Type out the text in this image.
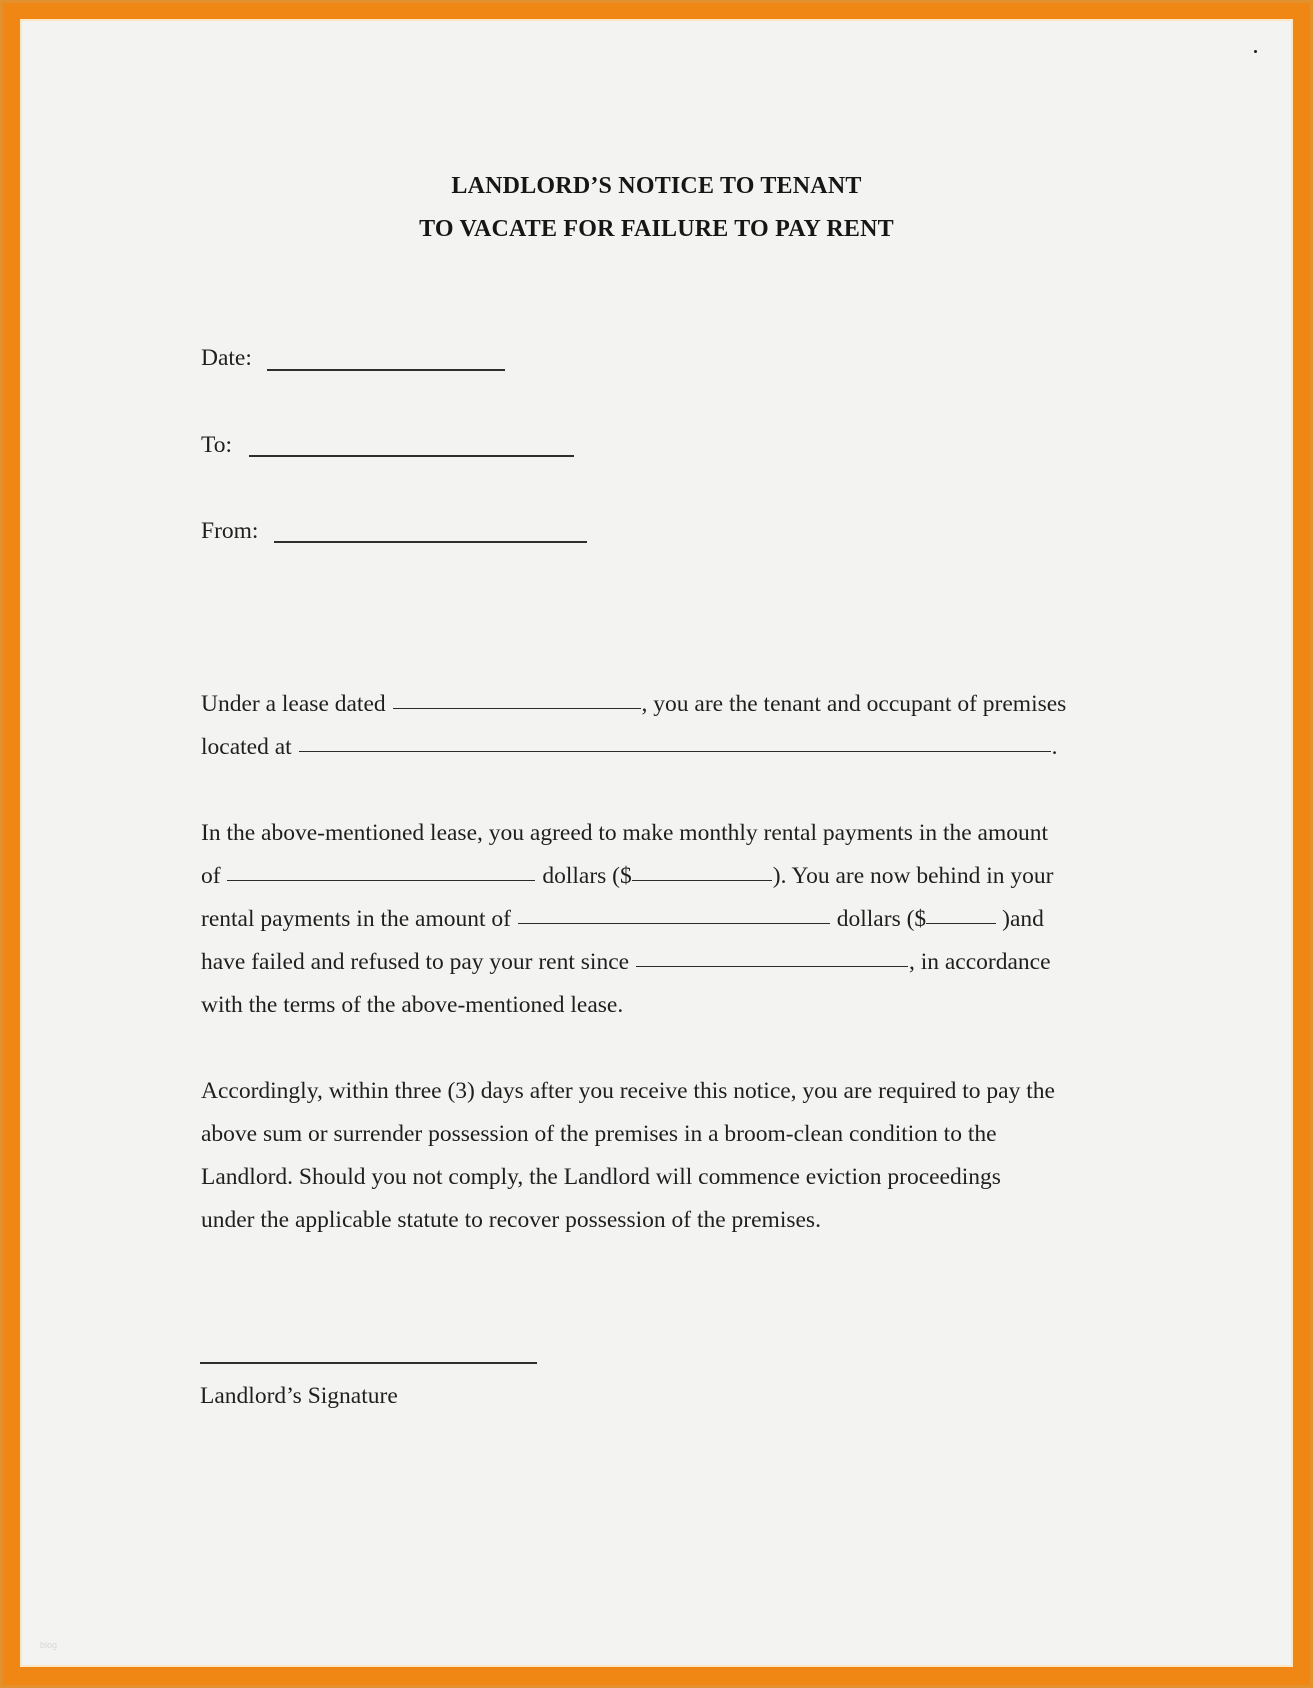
blog
LANDLORD’S NOTICE TO TENANT
TO VACATE FOR FAILURE TO PAY RENT
Date:
To:
From:
Under a lease dated	, you are the tenant and occupant of premises
located at	.
In the above-mentioned lease, you agreed to make monthly rental payments in the amount
of	dollars ($	). You are now behind in your
rental payments in the amount of	dollars ($	)and
have failed and refused to pay your rent since	, in accordance
with the terms of the above-mentioned lease.
Accordingly, within three (3) days after you receive this notice, you are required to pay the
above sum or surrender possession of the premises in a broom-clean condition to the
Landlord. Should you not comply, the Landlord will commence eviction proceedings
under the applicable statute to recover possession of the premises.
Landlord’s Signature
